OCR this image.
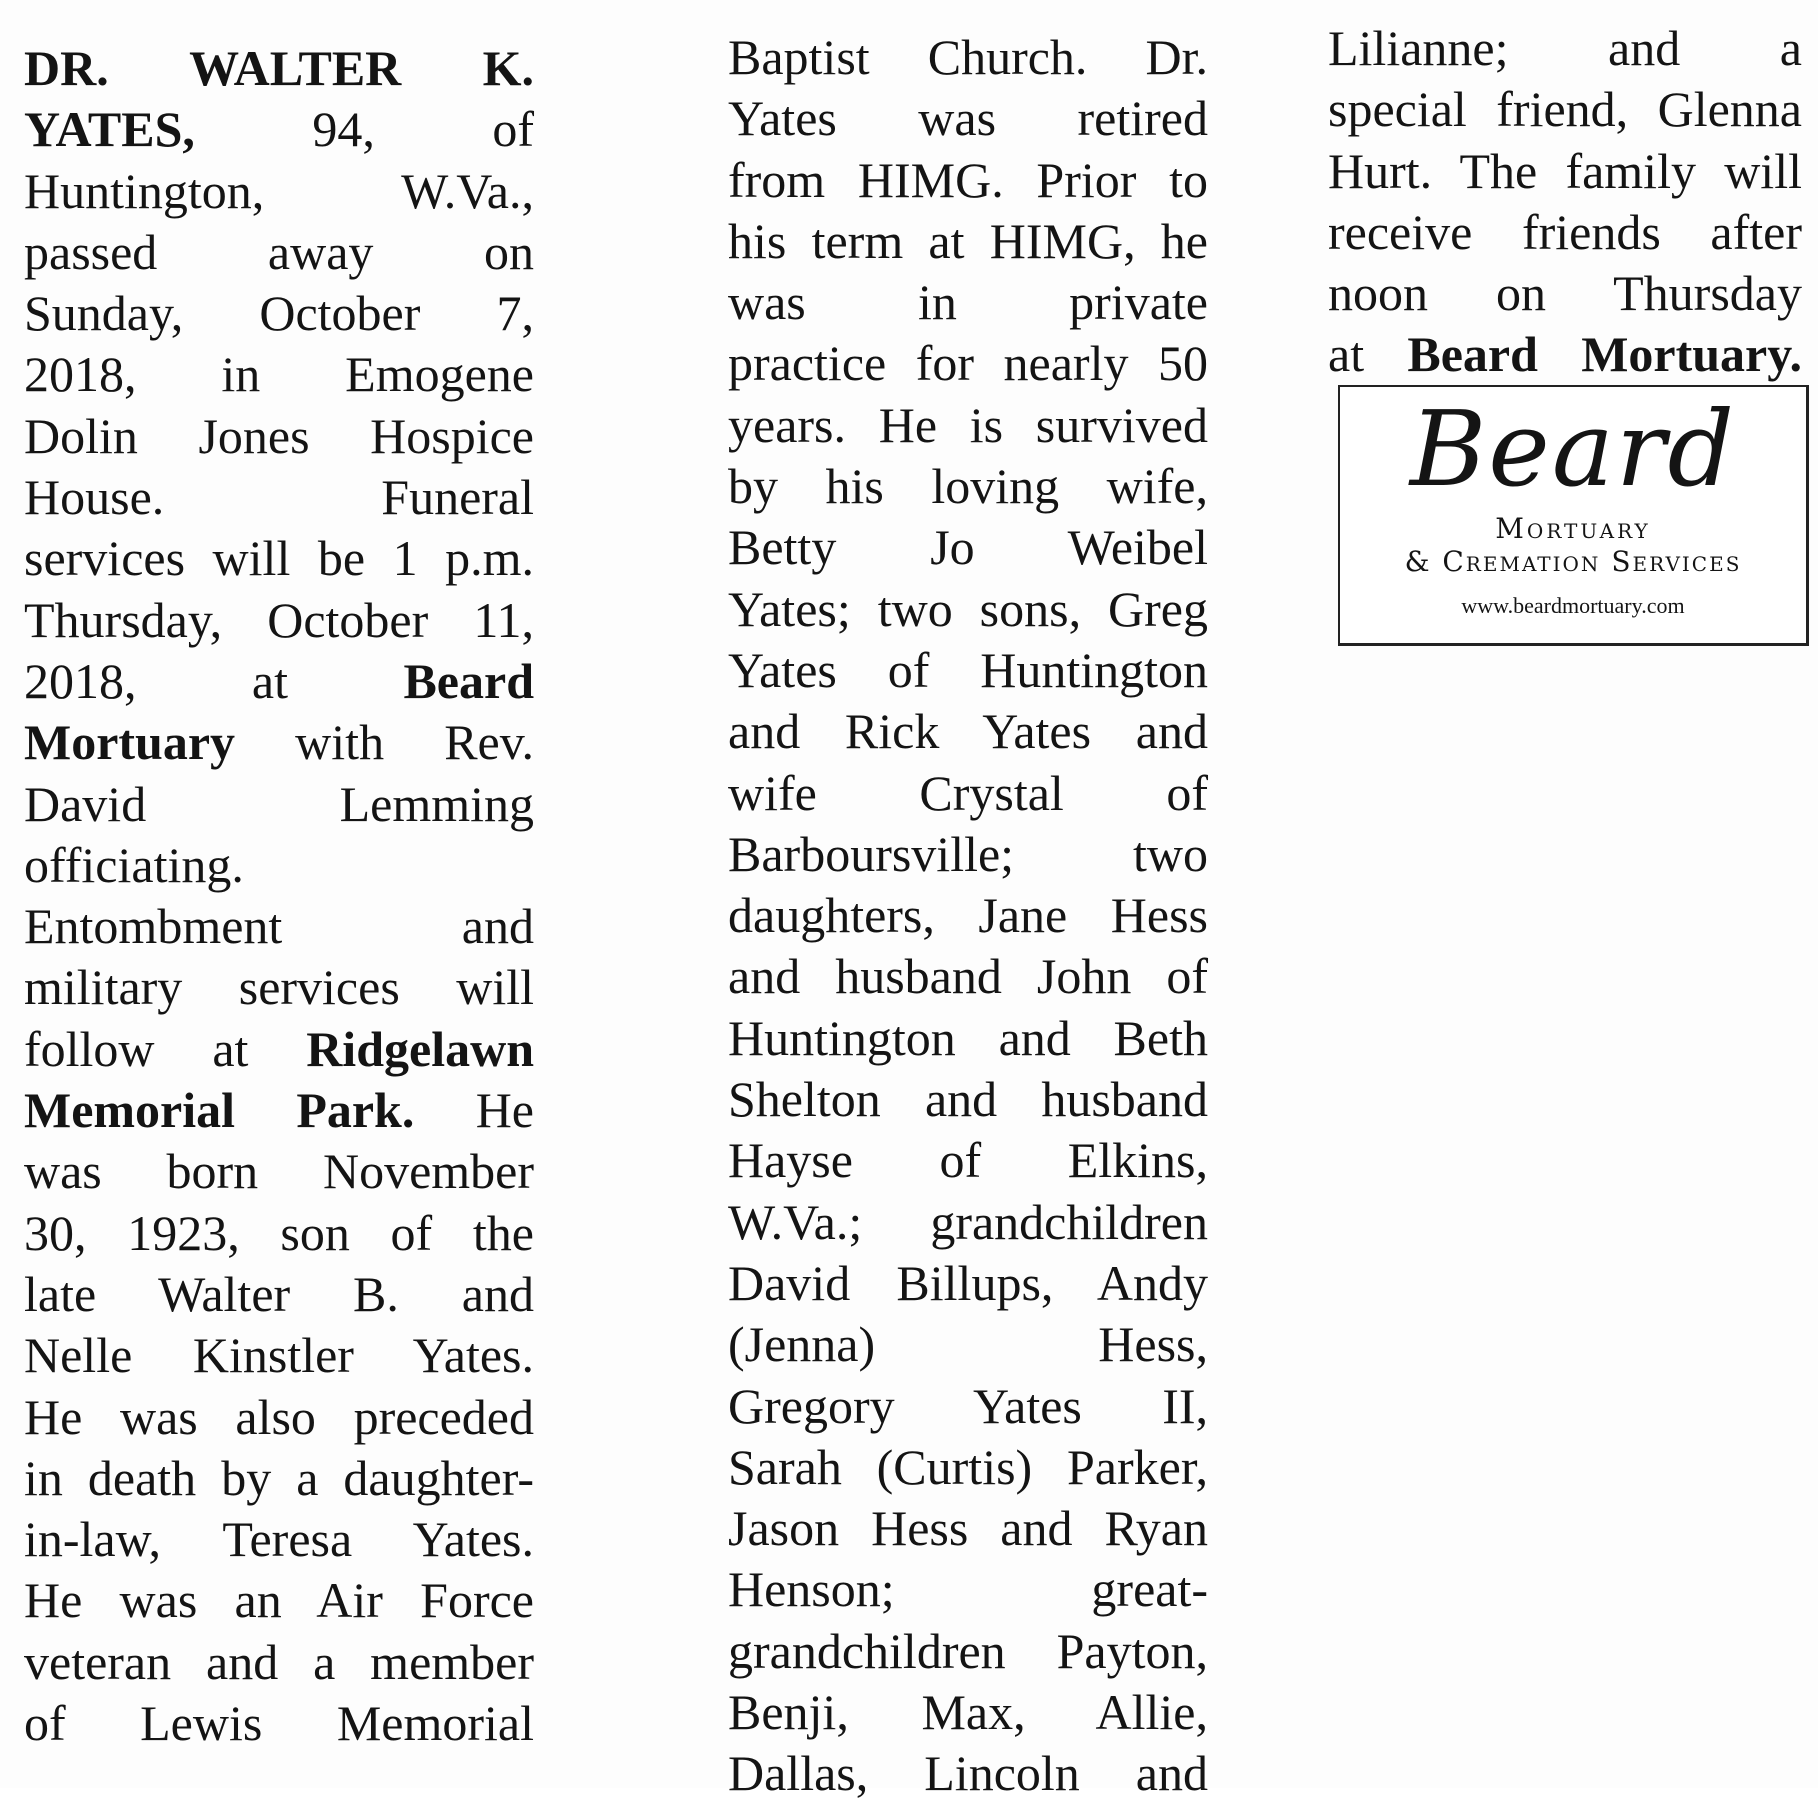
DR. WALTER K.

YATES, 94, of

Huntington, W.Va.,

passed away on

Sunday, October 7,

2018, in Emogene

Dolin Jones Hospice

House. Funeral

services will be 1 p.m.

Thursday, October 11,

2018, at Beard

Mortuary with Rev.

David Lemming

officiating.

Entombment and

military services will

follow at Ridgelawn

Memorial Park. He

was born November

30, 1923, son of the

late Walter B. and

Nelle Kinstler Yates.

He was also preceded

in death by a daughter-

in-law, Teresa Yates.

He was an Air Force

veteran and a member

of Lewis Memorial

Baptist Church. Dr.

Yates was retired

from HIMG. Prior to

his term at HIMG, he

was in private

practice for nearly 50

years. He is survived

by his loving wife,

Betty Jo Weibel

Yates; two sons, Greg

Yates of Huntington

and Rick Yates and

wife Crystal of

Barboursville; two

daughters, Jane Hess

and husband John of

Huntington and Beth

Shelton and husband

Hayse of Elkins,

W.Va.; grandchildren

David Billups, Andy

(Jenna) Hess,

Gregory Yates II,

Sarah (Curtis) Parker,

Jason Hess and Ryan

Henson; great-

grandchildren Payton,

Benji, Max, Allie,

Dallas, Lincoln and

Lilianne; and a

special friend, Glenna

Hurt. The family will

receive friends after

noon on Thursday

at Beard Mortuary.

Beard
Mortuary
& Cremation Services
www.beardmortuary.com
